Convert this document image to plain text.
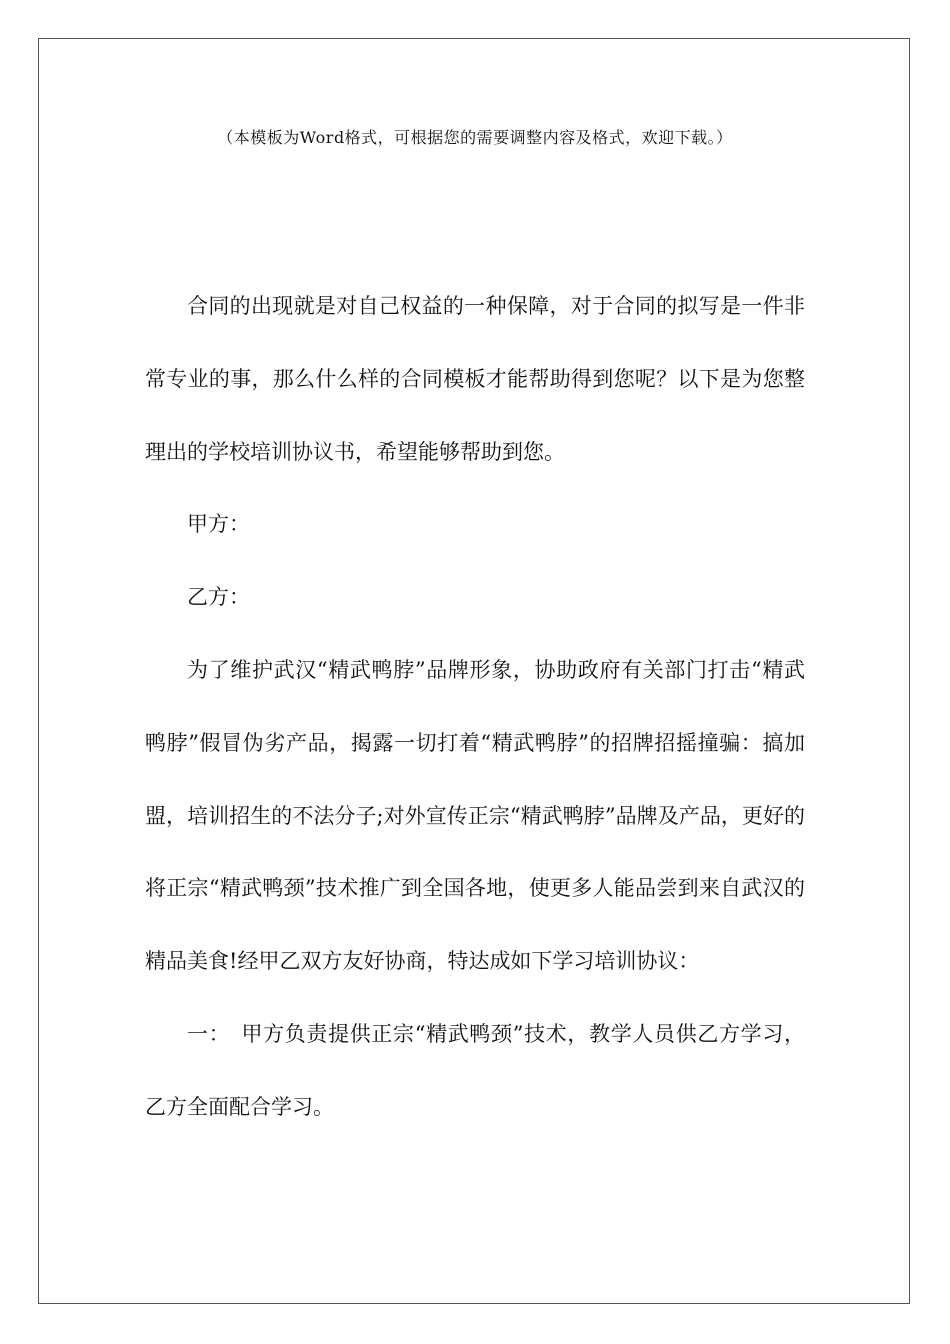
（本模板为Word格式，可根据您的需要调整内容及格式，欢迎下载。）

合同的出现就是对自己权益的一种保障，对于合同的拟写是一件非常专业的事，那么什么样的合同模板才能帮助得到您呢？以下是为您整理出的学校培训协议书，希望能够帮助到您。

甲方：

乙方：

为了维护武汉“精武鸭脖”品牌形象，协助政府有关部门打击“精武鸭脖”假冒伪劣产品，揭露一切打着“精武鸭脖”的招牌招摇撞骗：搞加盟，培训招生的不法分子;对外宣传正宗“精武鸭脖”品牌及产品，更好的将正宗“精武鸭颈”技术推广到全国各地，使更多人能品尝到来自武汉的精品美食!经甲乙双方友好协商，特达成如下学习培训协议：

一：　甲方负责提供正宗“精武鸭颈”技术，教学人员供乙方学习，乙方全面配合学习。
